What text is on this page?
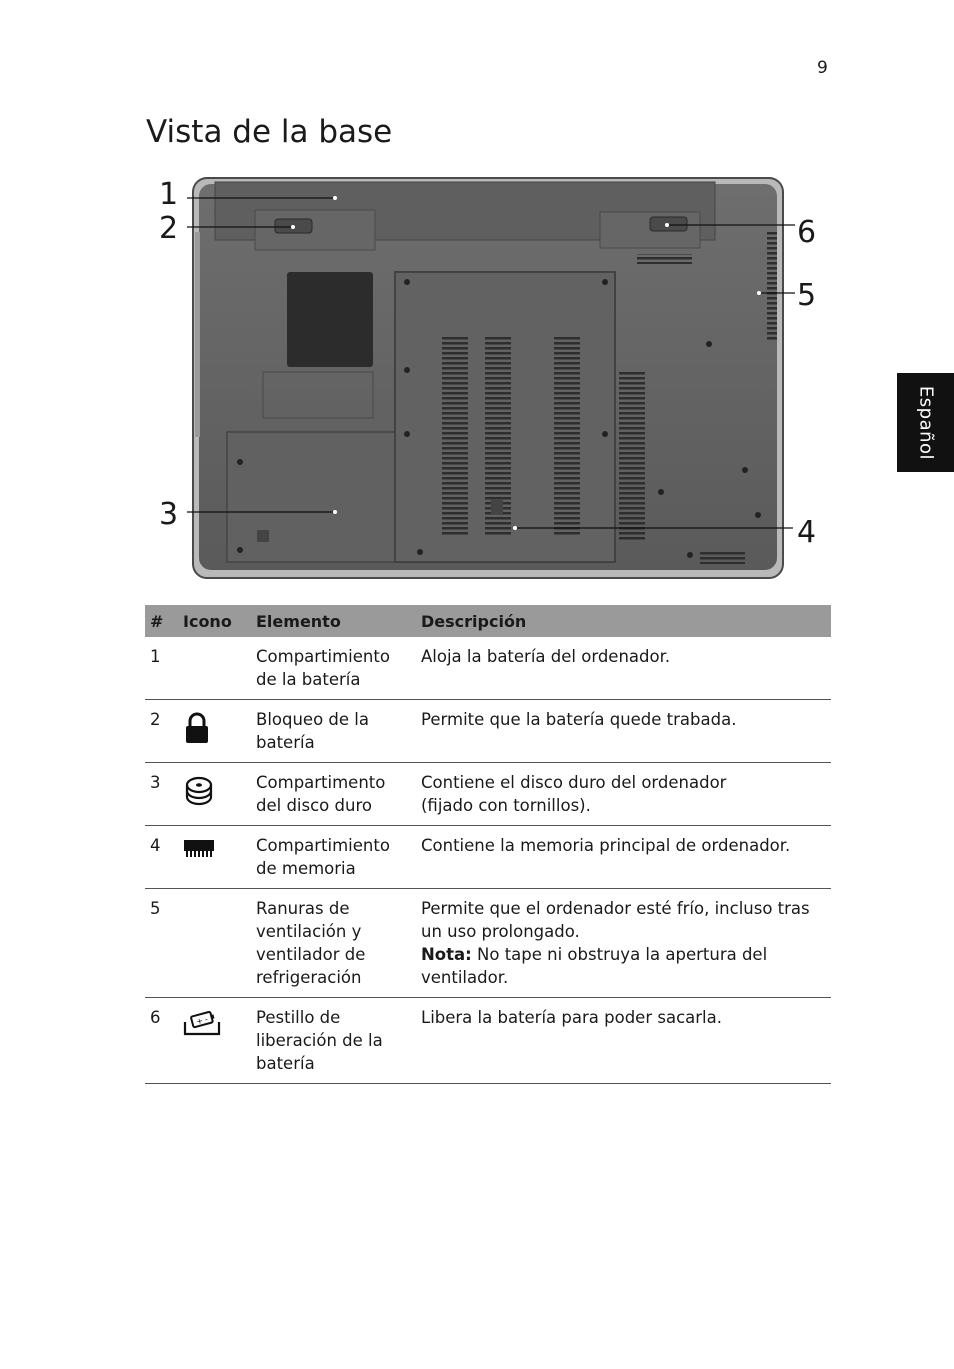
9
Vista de la base
Español
1
2
3
4
5
6
#	Icono	Elemento	Descripción
1		Compartimiento de la batería	Aloja la batería del ordenador.
2		Bloqueo de la batería	Permite que la batería quede trabada.
3		Compartimento del disco duro	Contiene el disco duro del ordenador
(fijado con tornillos).

4		Compartimiento de memoria	Contiene la memoria principal de ordenador.
5		Ranuras de ventilación y ventilador de refrigeración	Permite que el ordenador esté frío, incluso tras un uso prolongado.
Nota: No tape ni obstruya la apertura del ventilador.

6	+ -	Pestillo de liberación de la batería	Libera la batería para poder sacarla.
